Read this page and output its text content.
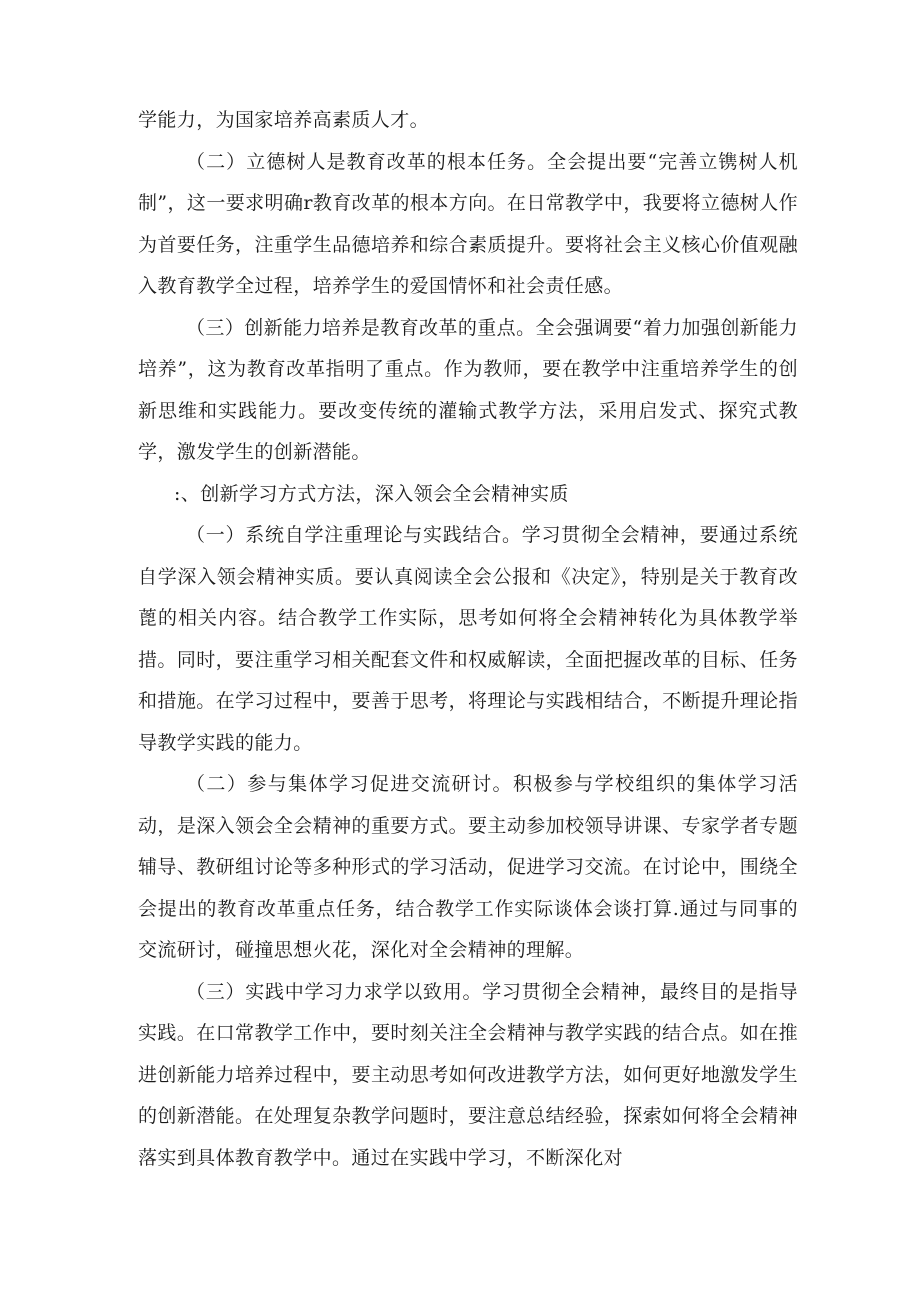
学能力，为国家培养高素质人才。

（二）立德树人是教育改革的根本任务。全会提出要“完善立镌树人机制”，这一要求明确r教育改革的根本方向。在日常教学中，我要将立德树人作为首要任务，注重学生品德培养和综合素质提升。要将社会主义核心价值观融入教育教学全过程，培养学生的爱国情怀和社会责任感。

（三）创新能力培养是教育改革的重点。全会强调要“着力加强创新能力培养”，这为教育改革指明了重点。作为教师，要在教学中注重培养学生的创新思维和实践能力。要改变传统的灌输式教学方法，采用启发式、探究式教学，激发学生的创新潜能。

:、创新学习方式方法，深入领会全会精神实质

（一）系统自学注重理论与实践结合。学习贯彻全会精神，要通过系统自学深入领会精神实质。要认真阅读全会公报和《决定》，特别是关于教育改蓖的相关内容。结合教学工作实际，思考如何将全会精神转化为具体教学举措。同时，要注重学习相关配套文件和权威解读，全面把握改革的目标、任务和措施。在学习过程中，要善于思考，将理论与实践相结合，不断提升理论指导教学实践的能力。

（二）参与集体学习促进交流研讨。积极参与学校组织的集体学习活动，是深入领会全会精神的重要方式。要主动参加校领导讲课、专家学者专题辅导、教研组讨论等多种形式的学习活动，促进学习交流。在讨论中，围绕全会提出的教育改革重点任务，结合教学工作实际谈体会谈打算.通过与同事的交流研讨，碰撞思想火花，深化对全会精神的理解。

（三）实践中学习力求学以致用。学习贯彻全会精神，最终目的是指导实践。在口常教学工作中，要时刻关注全会精神与教学实践的结合点。如在推进创新能力培养过程中，要主动思考如何改进教学方法，如何更好地激发学生的创新潜能。在处理复杂教学问题时，要注意总结经验，探索如何将全会精神落实到具体教育教学中。通过在实践中学习，不断深化对
